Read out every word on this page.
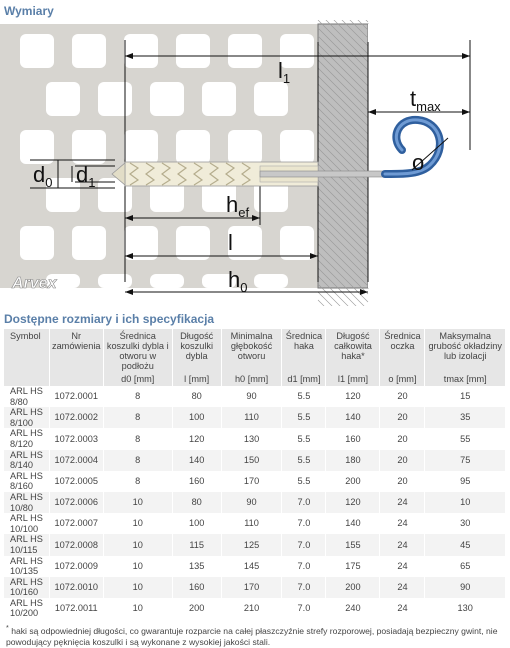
Wymiary
Arvex
$l_1$
$t_{max}$
o
$d_0$ $d_1$
$h_{ef}$
l
$h_0$
Dostępne rozmiary i ich specyfikacja
Symbol	Nr zamówienia	Średnica koszulki dybla i otworu w podłożu	Długość koszulki dybla	Minimalna głębokość otworu	Średnica haka	Długość całkowita haka*	Średnica oczka	Maksymalna grubość okładziny lub izolacji
		d0 [mm]	l [mm]	h0 [mm]	d1 [mm]	l1 [mm]	o [mm]	tmax [mm]
ARL HS 8/80	1072.0001	8	80	90	5.5	120	20	15
ARL HS 8/100	1072.0002	8	100	110	5.5	140	20	35
ARL HS 8/120	1072.0003	8	120	130	5.5	160	20	55
ARL HS 8/140	1072.0004	8	140	150	5.5	180	20	75
ARL HS 8/160	1072.0005	8	160	170	5.5	200	20	95
ARL HS 10/80	1072.0006	10	80	90	7.0	120	24	10
ARL HS 10/100	1072.0007	10	100	110	7.0	140	24	30
ARL HS 10/115	1072.0008	10	115	125	7.0	155	24	45
ARL HS 10/135	1072.0009	10	135	145	7.0	175	24	65
ARL HS 10/160	1072.0010	10	160	170	7.0	200	24	90
ARL HS 10/200	1072.0011	10	200	210	7.0	240	24	130
* haki są odpowiedniej długości, co gwarantuje rozparcie na całej płaszczyźnie strefy rozporowej, posiadają bezpieczny gwint, nie powodujący pęknięcia koszulki i są wykonane z wysokiej jakości stali.
